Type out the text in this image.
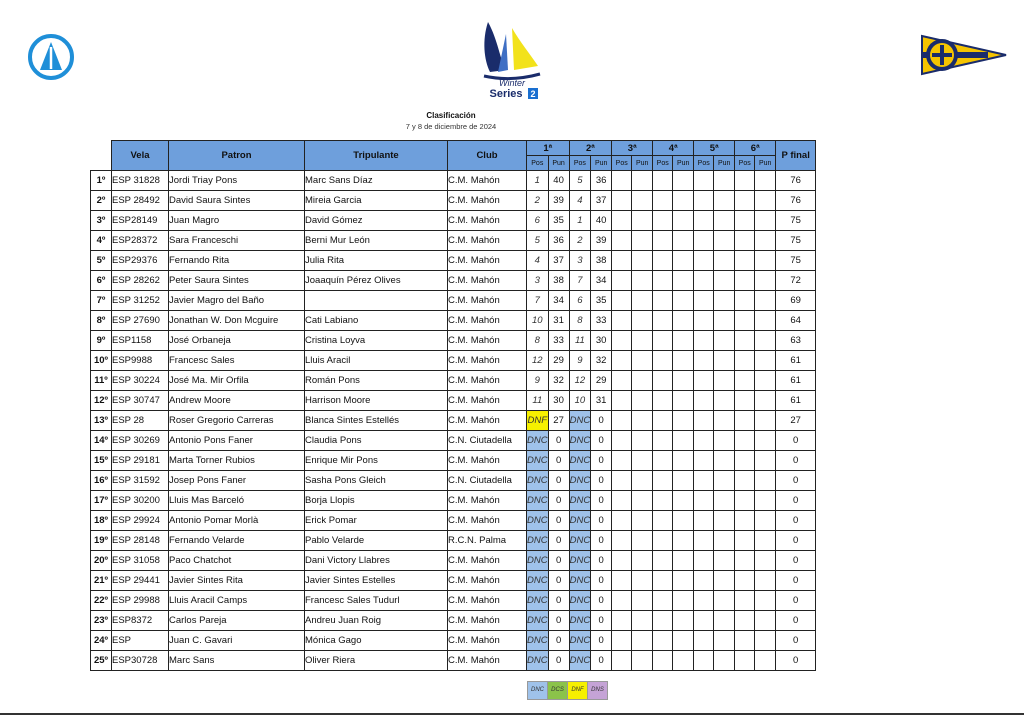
Winter
Series 2
Clasificación
7 y 8 de diciembre de 2024
	Vela	Patron	Tripulante	Club	1ª		2ª		3ª		4ª		5ª		6ª		P final
					Pos	Pun	Pos	Pun	Pos	Pun	Pos	Pun	Pos	Pun	Pos	Pun	
1º	ESP 31828	Jordi Triay Pons	Marc Sans Díaz	C.M. Mahón	1	40	5	36									76
2º	ESP 28492	David Saura Sintes	Mireia Garcia	C.M. Mahón	2	39	4	37									76
3º	ESP28149	Juan Magro	David Gómez	C.M. Mahón	6	35	1	40									75
4º	ESP28372	Sara Franceschi	Berni Mur León	C.M. Mahón	5	36	2	39									75
5º	ESP29376	Fernando Rita	Julia Rita	C.M. Mahón	4	37	3	38									75
6º	ESP 28262	Peter Saura Sintes	Joaaquín Pérez Olives	C.M. Mahón	3	38	7	34									72
7º	ESP 31252	Javier Magro del Baño		C.M. Mahón	7	34	6	35									69
8º	ESP 27690	Jonathan W. Don Mcguire	Cati Labiano	C.M. Mahón	10	31	8	33									64
9º	ESP1158	José Orbaneja	Cristina Loyva	C.M. Mahón	8	33	11	30									63
10º	ESP9988	Francesc Sales	Lluis Aracil	C.M. Mahón	12	29	9	32									61
11º	ESP 30224	José Ma. Mir Orfila	Román Pons	C.M. Mahón	9	32	12	29									61
12º	ESP 30747	Andrew Moore	Harrison Moore	C.M. Mahón	11	30	10	31									61
13º	ESP 28	Roser Gregorio Carreras	Blanca Sintes Estellés	C.M. Mahón	DNF	27	DNC	0									27
14º	ESP 30269	Antonio Pons Faner	Claudia Pons	C.N. Ciutadella	DNC	0	DNC	0									0
15º	ESP 29181	Marta Torner Rubios	Enrique Mir Pons	C.M. Mahón	DNC	0	DNC	0									0
16º	ESP 31592	Josep Pons Faner	Sasha Pons Gleich	C.N. Ciutadella	DNC	0	DNC	0									0
17º	ESP 30200	Lluis Mas Barceló	Borja Llopis	C.M. Mahón	DNC	0	DNC	0									0
18º	ESP 29924	Antonio Pomar Morlà	Erick Pomar	C.M. Mahón	DNC	0	DNC	0									0
19º	ESP 28148	Fernando Velarde	Pablo Velarde	R.C.N. Palma	DNC	0	DNC	0									0
20º	ESP 31058	Paco Chatchot	Dani Victory Llabres	C.M. Mahón	DNC	0	DNC	0									0
21º	ESP 29441	Javier Sintes Rita	Javier Sintes Estelles	C.M. Mahón	DNC	0	DNC	0									0
22º	ESP 29988	Lluis Aracil Camps	Francesc Sales Tudurl	C.M. Mahón	DNC	0	DNC	0									0
23º	ESP8372	Carlos Pareja	Andreu Juan Roig	C.M. Mahón	DNC	0	DNC	0									0
24º	ESP	Juan C. Gavari	Mónica Gago	C.M. Mahón	DNC	0	DNC	0									0
25º	ESP30728	Marc Sans	Oliver Riera	C.M. Mahón	DNC	0	DNC	0									0
DNC	DCS	DNF	DNS
